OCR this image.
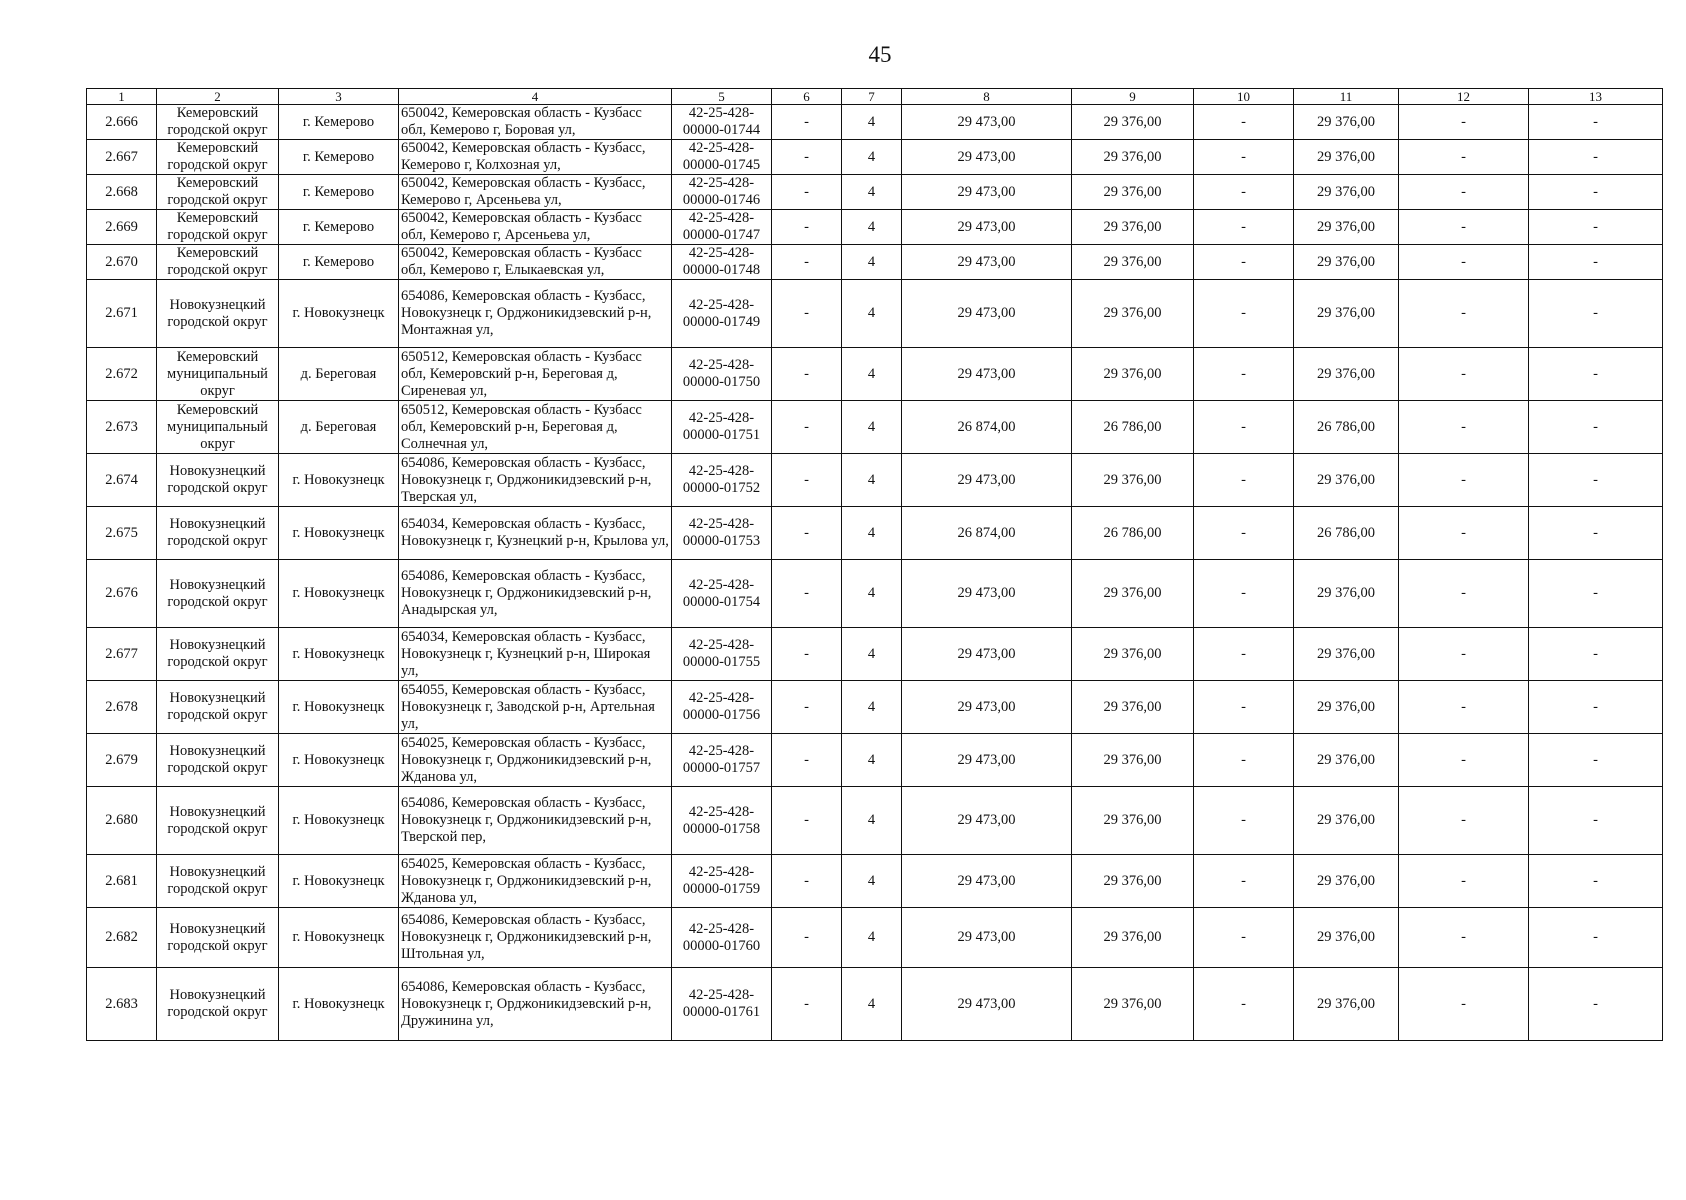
45
1	2	3	4	5	6	7	8	9	10	11	12	13
2.666	Кемеровский городской округ	г. Кемерово	650042, Кемеровская область - Кузбасс обл, Кемерово г, Боровая ул,	42-25-428-00000-01744	-	4	29 473,00	29 376,00	-	29 376,00	-	-
2.667	Кемеровский городской округ	г. Кемерово	650042, Кемеровская область - Кузбасс, Кемерово г, Колхозная ул,	42-25-428-00000-01745	-	4	29 473,00	29 376,00	-	29 376,00	-	-
2.668	Кемеровский городской округ	г. Кемерово	650042, Кемеровская область - Кузбасс, Кемерово г, Арсеньева ул,	42-25-428-00000-01746	-	4	29 473,00	29 376,00	-	29 376,00	-	-
2.669	Кемеровский городской округ	г. Кемерово	650042, Кемеровская область - Кузбасс обл, Кемерово г, Арсеньева ул,	42-25-428-00000-01747	-	4	29 473,00	29 376,00	-	29 376,00	-	-
2.670	Кемеровский городской округ	г. Кемерово	650042, Кемеровская область - Кузбасс обл, Кемерово г, Елыкаевская ул,	42-25-428-00000-01748	-	4	29 473,00	29 376,00	-	29 376,00	-	-
2.671	Новокузнецкий городской округ	г. Новокузнецк	654086, Кемеровская область - Кузбасс, Новокузнецк г, Орджоникидзевский р-н, Монтажная ул,	42-25-428-00000-01749	-	4	29 473,00	29 376,00	-	29 376,00	-	-
2.672	Кемеровский муниципальный округ	д. Береговая	650512, Кемеровская область - Кузбасс обл, Кемеровский р-н, Береговая д, Сиреневая ул,	42-25-428-00000-01750	-	4	29 473,00	29 376,00	-	29 376,00	-	-
2.673	Кемеровский муниципальный округ	д. Береговая	650512, Кемеровская область - Кузбасс обл, Кемеровский р-н, Береговая д, Солнечная ул,	42-25-428-00000-01751	-	4	26 874,00	26 786,00	-	26 786,00	-	-
2.674	Новокузнецкий городской округ	г. Новокузнецк	654086, Кемеровская область - Кузбасс, Новокузнецк г, Орджоникидзевский р-н, Тверская ул,	42-25-428-00000-01752	-	4	29 473,00	29 376,00	-	29 376,00	-	-
2.675	Новокузнецкий городской округ	г. Новокузнецк	654034, Кемеровская область - Кузбасс, Новокузнецк г, Кузнецкий р-н, Крылова ул,	42-25-428-00000-01753	-	4	26 874,00	26 786,00	-	26 786,00	-	-
2.676	Новокузнецкий городской округ	г. Новокузнецк	654086, Кемеровская область - Кузбасс, Новокузнецк г, Орджоникидзевский р-н, Анадырская ул,	42-25-428-00000-01754	-	4	29 473,00	29 376,00	-	29 376,00	-	-
2.677	Новокузнецкий городской округ	г. Новокузнецк	654034, Кемеровская область - Кузбасс, Новокузнецк г, Кузнецкий р-н, Широкая ул,	42-25-428-00000-01755	-	4	29 473,00	29 376,00	-	29 376,00	-	-
2.678	Новокузнецкий городской округ	г. Новокузнецк	654055, Кемеровская область - Кузбасс, Новокузнецк г, Заводской р-н, Артельная ул,	42-25-428-00000-01756	-	4	29 473,00	29 376,00	-	29 376,00	-	-
2.679	Новокузнецкий городской округ	г. Новокузнецк	654025, Кемеровская область - Кузбасс, Новокузнецк г, Орджоникидзевский р-н, Жданова ул,	42-25-428-00000-01757	-	4	29 473,00	29 376,00	-	29 376,00	-	-
2.680	Новокузнецкий городской округ	г. Новокузнецк	654086, Кемеровская область - Кузбасс, Новокузнецк г, Орджоникидзевский р-н, Тверской пер,	42-25-428-00000-01758	-	4	29 473,00	29 376,00	-	29 376,00	-	-
2.681	Новокузнецкий городской округ	г. Новокузнецк	654025, Кемеровская область - Кузбасс, Новокузнецк г, Орджоникидзевский р-н, Жданова ул,	42-25-428-00000-01759	-	4	29 473,00	29 376,00	-	29 376,00	-	-
2.682	Новокузнецкий городской округ	г. Новокузнецк	654086, Кемеровская область - Кузбасс, Новокузнецк г, Орджоникидзевский р-н, Штольная ул,	42-25-428-00000-01760	-	4	29 473,00	29 376,00	-	29 376,00	-	-
2.683	Новокузнецкий городской округ	г. Новокузнецк	654086, Кемеровская область - Кузбасс, Новокузнецк г, Орджоникидзевский р-н, Дружинина ул,	42-25-428-00000-01761	-	4	29 473,00	29 376,00	-	29 376,00	-	-
